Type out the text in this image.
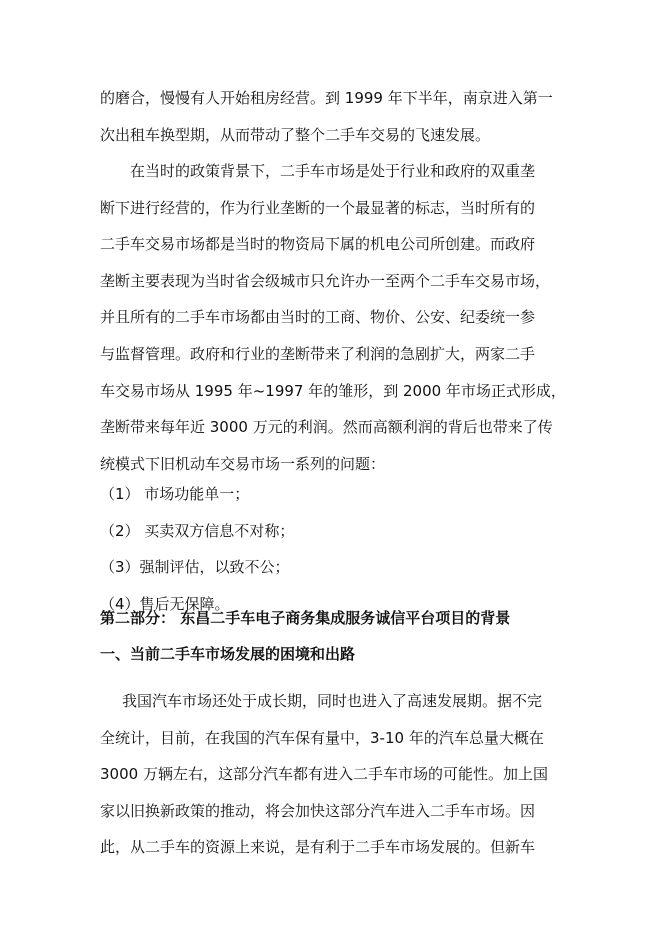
的磨合，慢慢有人开始租房经营。到 1999 年下半年，南京进入第一
次出租车换型期，从而带动了整个二手车交易的飞速发展。
在当时的政策背景下，二手车市场是处于行业和政府的双重垄
断下进行经营的，作为行业垄断的一个最显著的标志，当时所有的
二手车交易市场都是当时的物资局下属的机电公司所创建。而政府
垄断主要表现为当时省会级城市只允许办一至两个二手车交易市场，
并且所有的二手车市场都由当时的工商、物价、公安、纪委统一参
与监督管理。政府和行业的垄断带来了利润的急剧扩大，两家二手
车交易市场从 1995 年~1997 年的雏形，到 2000 年市场正式形成，
垄断带来每年近 3000 万元的利润。然而高额利润的背后也带来了传
统模式下旧机动车交易市场一系列的问题：
（1） 市场功能单一；
（2） 买卖双方信息不对称；
（3）强制评估，以致不公；
（4）售后无保障。
第二部分： 东昌二手车电子商务集成服务诚信平台项目的背景
一、当前二手车市场发展的困境和出路
我国汽车市场还处于成长期，同时也进入了高速发展期。据不完
全统计，目前，在我国的汽车保有量中，3-10 年的汽车总量大概在
3000 万辆左右，这部分汽车都有进入二手车市场的可能性。加上国
家以旧换新政策的推动，将会加快这部分汽车进入二手车市场。因
此，从二手车的资源上来说，是有利于二手车市场发展的。但新车
